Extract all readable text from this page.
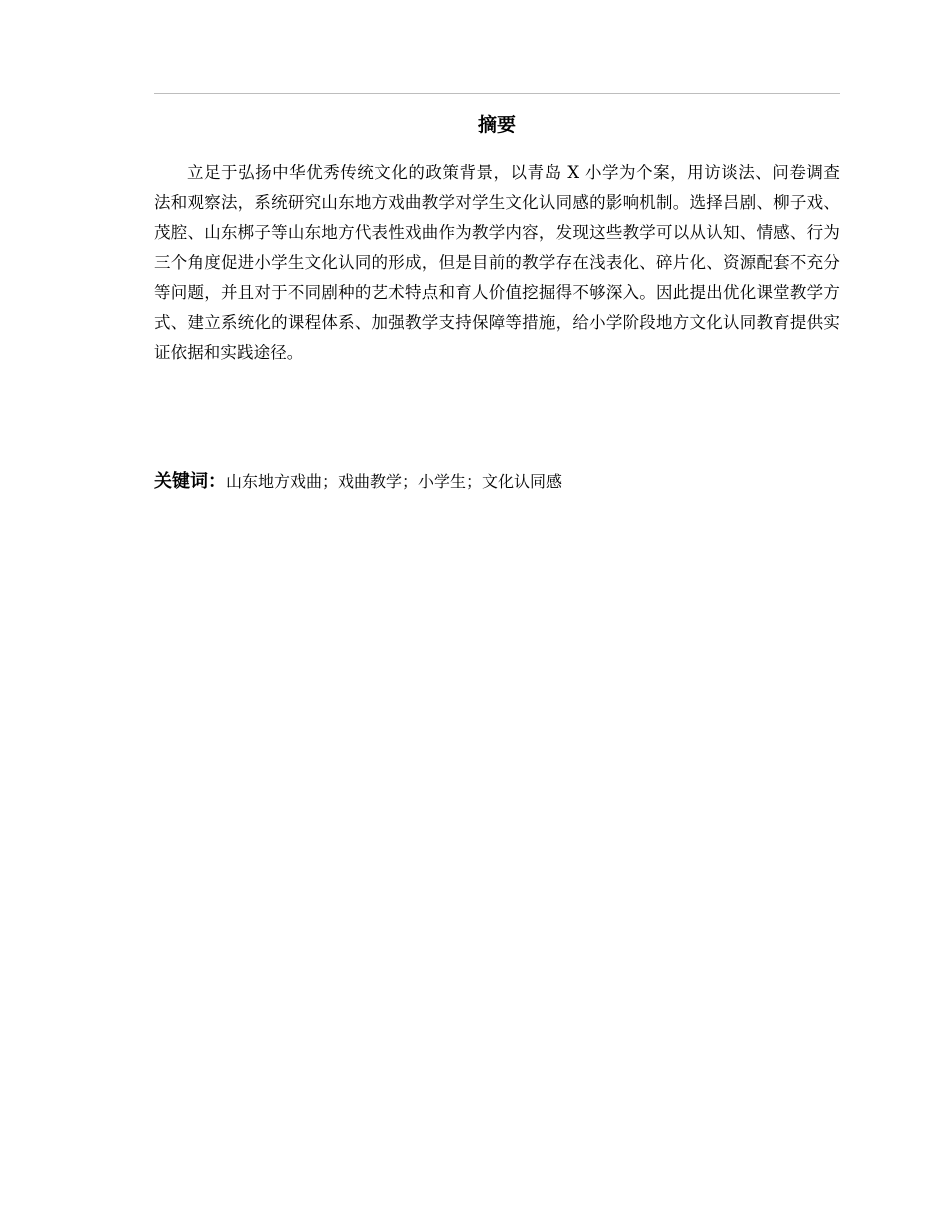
摘要

立足于弘扬中华优秀传统文化的政策背景，以青岛 X 小学为个案，用访谈法、问卷调查法和观察法，系统研究山东地方戏曲教学对学生文化认同感的影响机制。选择吕剧、柳子戏、茂腔、山东梆子等山东地方代表性戏曲作为教学内容，发现这些教学可以从认知、情感、行为三个角度促进小学生文化认同的形成，但是目前的教学存在浅表化、碎片化、资源配套不充分等问题，并且对于不同剧种的艺术特点和育人价值挖掘得不够深入。因此提出优化课堂教学方式、建立系统化的课程体系、加强教学支持保障等措施，给小学阶段地方文化认同教育提供实证依据和实践途径。

关键词：山东地方戏曲；戏曲教学；小学生；文化认同感
